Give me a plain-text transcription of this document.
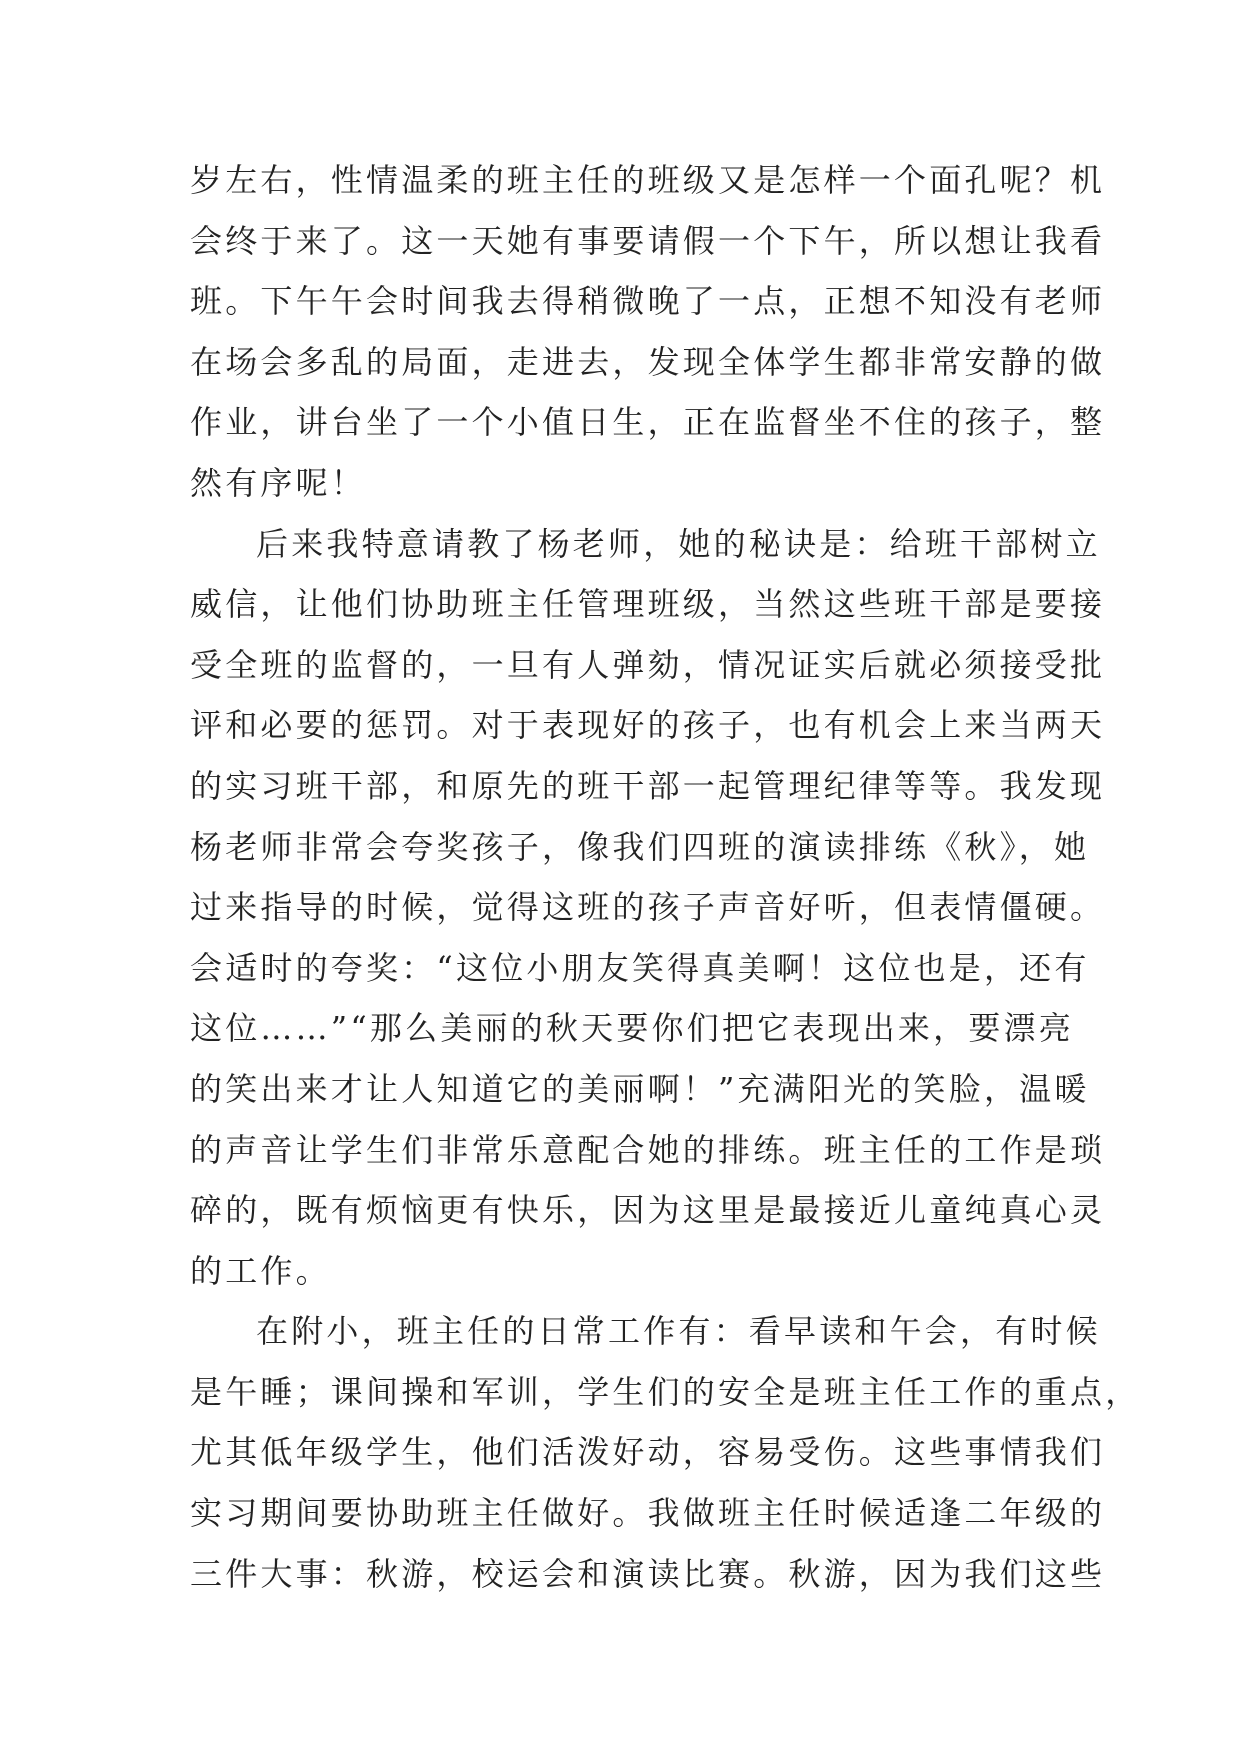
岁左右，性情温柔的班主任的班级又是怎样一个面孔呢？机
会终于来了。这一天她有事要请假一个下午，所以想让我看
班。下午午会时间我去得稍微晚了一点，正想不知没有老师
在场会多乱的局面，走进去，发现全体学生都非常安静的做
作业，讲台坐了一个小值日生，正在监督坐不住的孩子，整
然有序呢！
后来我特意请教了杨老师，她的秘诀是：给班干部树立
威信，让他们协助班主任管理班级，当然这些班干部是要接
受全班的监督的，一旦有人弹劾，情况证实后就必须接受批
评和必要的惩罚。对于表现好的孩子，也有机会上来当两天
的实习班干部，和原先的班干部一起管理纪律等等。我发现
杨老师非常会夸奖孩子，像我们四班的演读排练《秋》，她
过来指导的时候，觉得这班的孩子声音好听，但表情僵硬。
会适时的夸奖：“这位小朋友笑得真美啊！这位也是，还有
这位……”“那么美丽的秋天要你们把它表现出来，要漂亮
的笑出来才让人知道它的美丽啊！”充满阳光的笑脸，温暖
的声音让学生们非常乐意配合她的排练。班主任的工作是琐
碎的，既有烦恼更有快乐，因为这里是最接近儿童纯真心灵
的工作。
在附小，班主任的日常工作有：看早读和午会，有时候
是午睡；课间操和军训，学生们的安全是班主任工作的重点，
尤其低年级学生，他们活泼好动，容易受伤。这些事情我们
实习期间要协助班主任做好。我做班主任时候适逢二年级的
三件大事：秋游，校运会和演读比赛。秋游，因为我们这些
